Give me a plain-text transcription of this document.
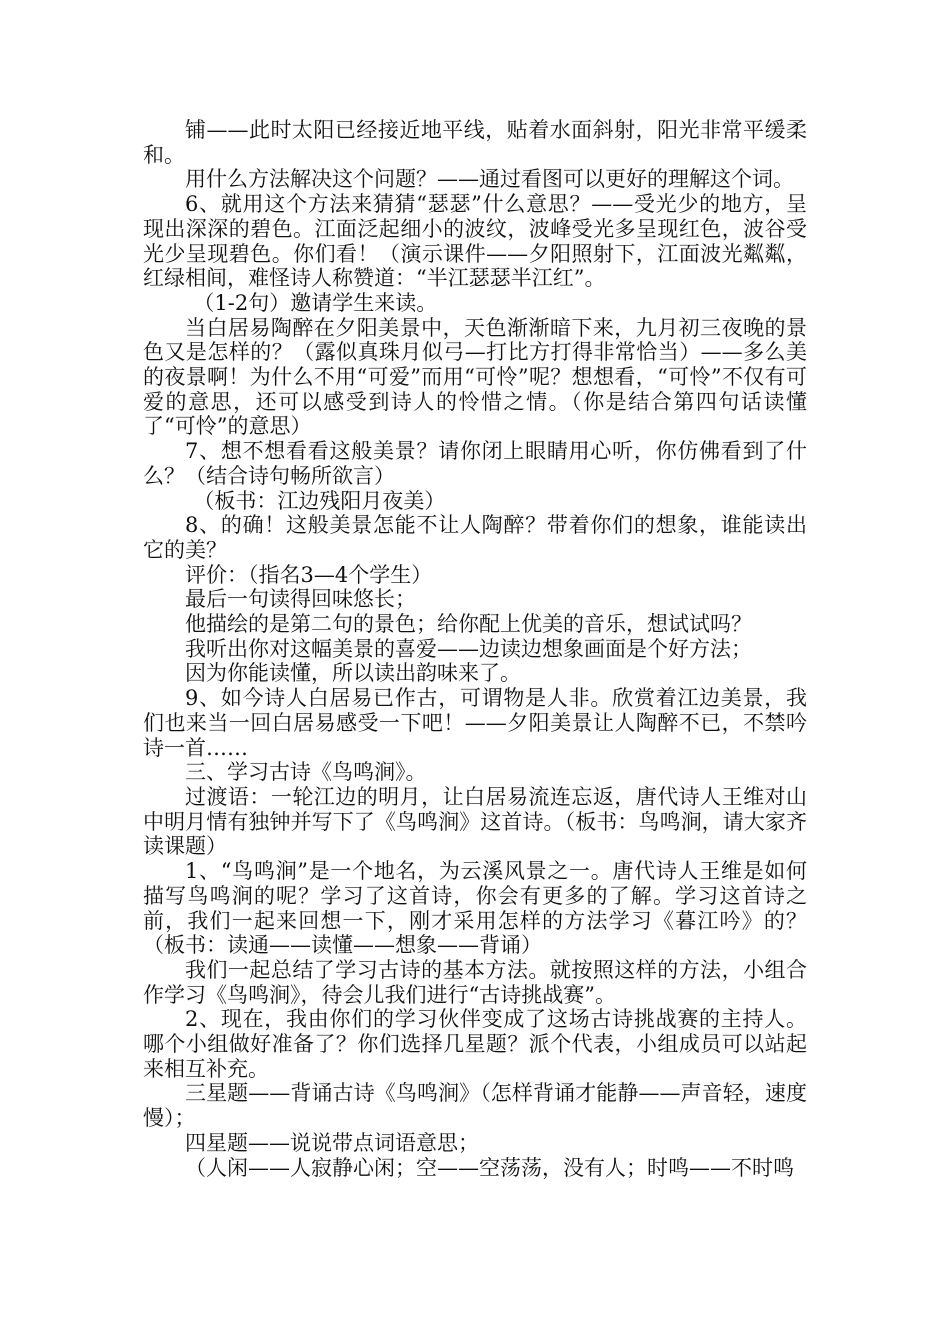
铺——此时太阳已经接近地平线，贴着水面斜射，阳光非常平缓柔和。

用什么方法解决这个问题？——通过看图可以更好的理解这个词。

6、就用这个方法来猜猜“瑟瑟”什么意思？——受光少的地方，呈现出深深的碧色。江面泛起细小的波纹，波峰受光多呈现红色，波谷受光少呈现碧色。你们看！（演示课件——夕阳照射下，江面波光粼粼，红绿相间，难怪诗人称赞道：“半江瑟瑟半江红”。

（1-2句）邀请学生来读。

当白居易陶醉在夕阳美景中，天色渐渐暗下来，九月初三夜晚的景色又是怎样的？（露似真珠月似弓—打比方打得非常恰当）——多么美的夜景啊！为什么不用“可爱”而用“可怜”呢？想想看，“可怜”不仅有可爱的意思，还可以感受到诗人的怜惜之情。（你是结合第四句话读懂了“可怜”的意思）

7、想不想看看这般美景？请你闭上眼睛用心听，你仿佛看到了什么？（结合诗句畅所欲言）

（板书：江边残阳月夜美）

8、的确！这般美景怎能不让人陶醉？带着你们的想象，谁能读出它的美？

评价：（指名3—4个学生）

最后一句读得回味悠长；

他描绘的是第二句的景色；给你配上优美的音乐，想试试吗？

我听出你对这幅美景的喜爱——边读边想象画面是个好方法；

因为你能读懂，所以读出韵味来了。

9、如今诗人白居易已作古，可谓物是人非。欣赏着江边美景，我们也来当一回白居易感受一下吧！——夕阳美景让人陶醉不已，不禁吟诗一首……

三、学习古诗《鸟鸣涧》。

过渡语：一轮江边的明月，让白居易流连忘返，唐代诗人王维对山中明月情有独钟并写下了《鸟鸣涧》这首诗。（板书：鸟鸣涧，请大家齐读课题）

1、“鸟鸣涧”是一个地名，为云溪风景之一。唐代诗人王维是如何描写鸟鸣涧的呢？学习了这首诗，你会有更多的了解。学习这首诗之前，我们一起来回想一下，刚才采用怎样的方法学习《暮江吟》的？（板书：读通——读懂——想象——背诵）

我们一起总结了学习古诗的基本方法。就按照这样的方法，小组合作学习《鸟鸣涧》，待会儿我们进行“古诗挑战赛”。

2、现在，我由你们的学习伙伴变成了这场古诗挑战赛的主持人。哪个小组做好准备了？你们选择几星题？派个代表，小组成员可以站起来相互补充。

三星题——背诵古诗《鸟鸣涧》（怎样背诵才能静——声音轻，速度慢）；

四星题——说说带点词语意思；

（人闲——人寂静心闲；空——空荡荡，没有人；时鸣——不时鸣
